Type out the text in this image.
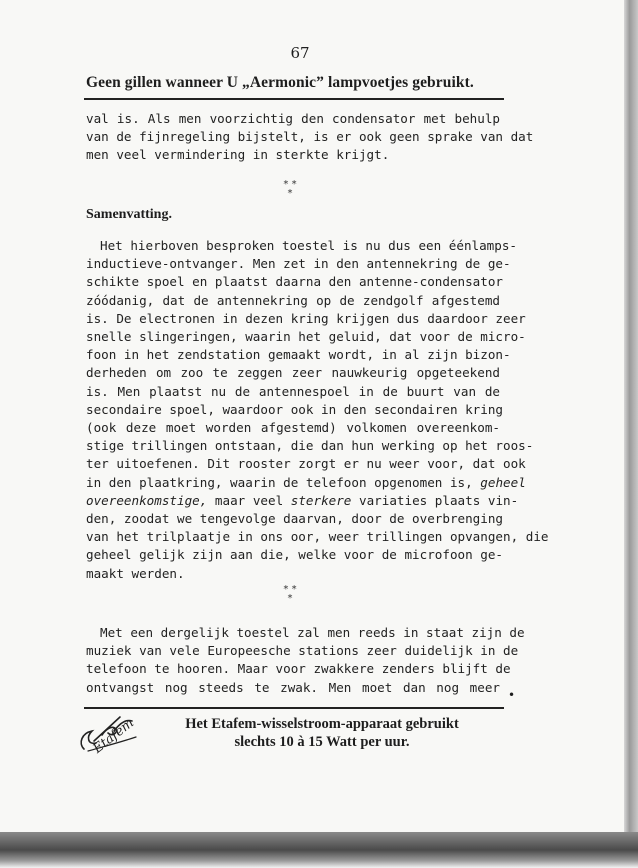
67
Geen gillen wanneer U „Aermonic” lampvoetjes gebruikt.
val is. Als men voorzichtig den condensator met behulp
van de fijnregeling bijstelt, is er ook geen sprake van dat
men veel vermindering in sterkte krijgt.
* *
*
Samenvatting.
Het hierboven besproken toestel is nu dus een éénlamps-
inductieve-ontvanger. Men zet in den antennekring de ge-
schikte spoel en plaatst daarna den antenne-condensator
zóódanig, dat de antennekring op de zendgolf afgestemd
is. De electronen in dezen kring krijgen dus daardoor zeer
snelle slingeringen, waarin het geluid, dat voor de micro-
foon in het zendstation gemaakt wordt, in al zijn bizon-
derheden om zoo te zeggen zeer nauwkeurig opgeteekend
is. Men plaatst nu de antennespoel in de buurt van de
secondaire spoel, waardoor ook in den secondairen kring
(ook deze moet worden afgestemd) volkomen overeenkom-
stige trillingen ontstaan, die dan hun werking op het roos-
ter uitoefenen. Dit rooster zorgt er nu weer voor, dat ook
in den plaatkring, waarin de telefoon opgenomen is, geheel
overeenkomstige, maar veel sterkere variaties plaats vin-
den, zoodat we tengevolge daarvan, door de overbrenging
van het trilplaatje in ons oor, weer trillingen opvangen, die
geheel gelijk zijn aan die, welke voor de microfoon ge-
maakt werden.
* *
*
Met een dergelijk toestel zal men reeds in staat zijn de
muziek van vele Europeesche stations zeer duidelijk in de
telefoon te hooren. Maar voor zwakkere zenders blijft de
ontvangst nog steeds te zwak. Men moet dan nog meer
•
Etafem	Het Etafem-wisselstroom-apparaat gebruikt
slechts 10 à 15 Watt per uur.
